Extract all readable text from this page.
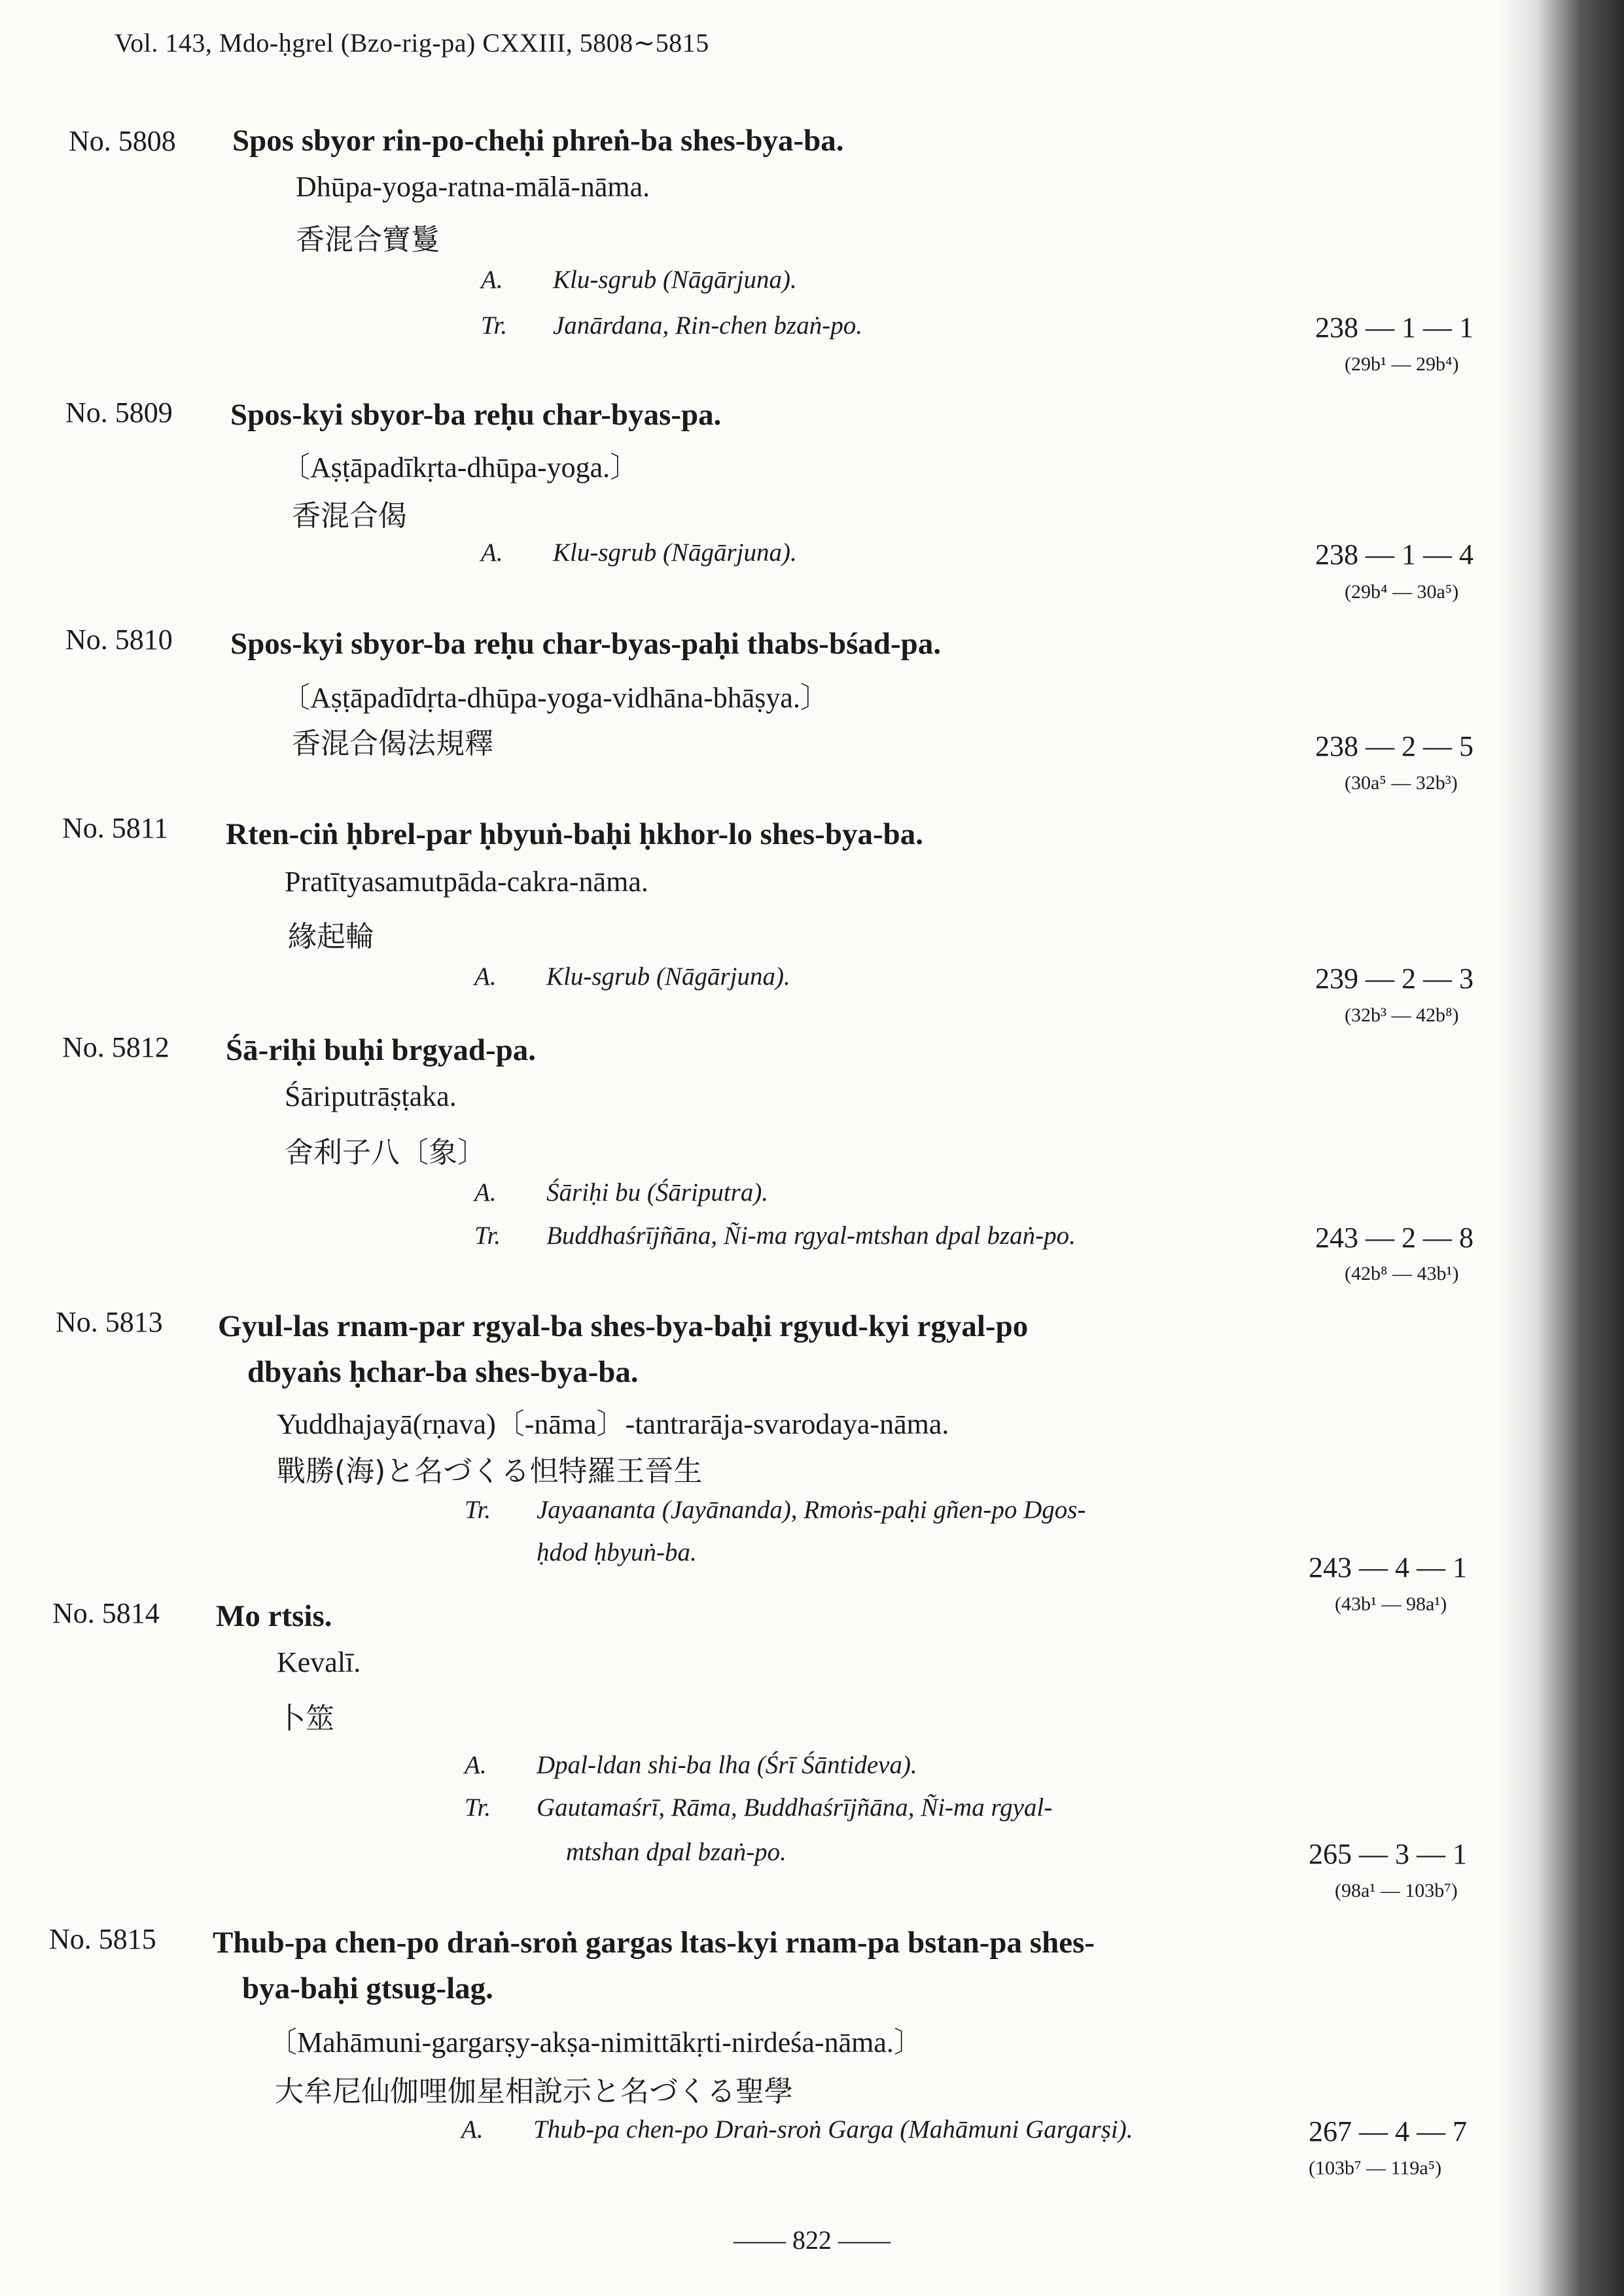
Vol. 143, Mdo-ḥgrel (Bzo-rig-pa) CXXIII, 5808∼5815
No. 5808 Spos sbyor rin-po-cheḥi phreṅ-ba shes-bya-ba.
Dhūpa-yoga-ratna-mālā-nāma.
香混合寶鬘
A. Klu-sgrub (Nāgārjuna).
Tr. Janārdana, Rin-chen bzaṅ-po.	238 — 1 — 1
(29b¹ — 29b⁴)
No. 5809 Spos-kyi sbyor-ba reḥu char-byas-pa.
〔Aṣṭāpadīkṛta-dhūpa-yoga.〕
香混合偈
A. Klu-sgrub (Nāgārjuna).	238 — 1 — 4
(29b⁴ — 30a⁵)
No. 5810 Spos-kyi sbyor-ba reḥu char-byas-paḥi thabs-bśad-pa.
〔Aṣṭāpadīdṛta-dhūpa-yoga-vidhāna-bhāṣya.〕
香混合偈法規釋	238 — 2 — 5
(30a⁵ — 32b³)
No. 5811 Rten-ciṅ ḥbrel-par ḥbyuṅ-baḥi ḥkhor-lo shes-bya-ba.
Pratītyasamutpāda-cakra-nāma.
緣起輪
A. Klu-sgrub (Nāgārjuna).	239 — 2 — 3
(32b³ — 42b⁸)
No. 5812 Śā-riḥi buḥi brgyad-pa.
Śāriputrāṣṭaka.
舍利子八〔象〕
A. Śāriḥi bu (Śāriputra).
Tr. Buddhaśrījñāna, Ñi-ma rgyal-mtshan dpal bzaṅ-po.	243 — 2 — 8
(42b⁸ — 43b¹)
No. 5813 Gyul-las rnam-par rgyal-ba shes-bya-baḥi rgyud-kyi rgyal-po
dbyaṅs ḥchar-ba shes-bya-ba.
Yuddhajayā(rṇava)〔-nāma〕-tantrarāja-svarodaya-nāma.
戰勝(海)と名づくる怛特羅王晉生
Tr. Jayaananta (Jayānanda), Rmoṅs-paḥi gñen-po Dgos-
ḥdod ḥbyuṅ-ba.	243 — 4 — 1
(43b¹ — 98a¹)
No. 5814 Mo rtsis.
Kevalī.
卜筮
A. Dpal-ldan shi-ba lha (Śrī Śāntideva).
Tr. Gautamaśrī, Rāma, Buddhaśrījñāna, Ñi-ma rgyal-
mtshan dpal bzaṅ-po.	265 — 3 — 1
(98a¹ — 103b⁷)
No. 5815 Thub-pa chen-po draṅ-sroṅ gargas ltas-kyi rnam-pa bstan-pa shes-
bya-baḥi gtsug-lag.
〔Mahāmuni-gargarṣy-akṣa-nimittākṛti-nirdeśa-nāma.〕
大牟尼仙伽哩伽星相說示と名づくる聖學
A. Thub-pa chen-po Draṅ-sroṅ Garga (Mahāmuni Gargarṣi).	267 — 4 — 7
(103b⁷ — 119a⁵)
—— 822 ——
